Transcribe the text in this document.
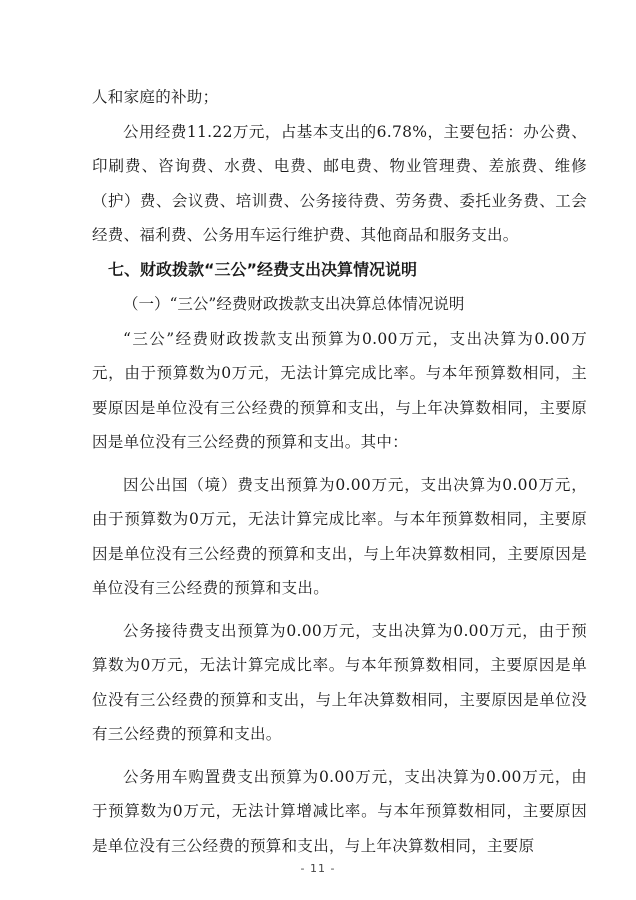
人和家庭的补助；

公用经费11.22万元，占基本支出的6.78%，主要包括：办公费、印刷费、咨询费、水费、电费、邮电费、物业管理费、差旅费、维修（护）费、会议费、培训费、公务接待费、劳务费、委托业务费、工会经费、福利费、公务用车运行维护费、其他商品和服务支出。

七、财政拨款“三公”经费支出决算情况说明

（一）“三公”经费财政拨款支出决算总体情况说明

“三公”经费财政拨款支出预算为0.00万元，支出决算为0.00万元，由于预算数为0万元，无法计算完成比率。与本年预算数相同，主要原因是单位没有三公经费的预算和支出，与上年决算数相同，主要原因是单位没有三公经费的预算和支出。其中：

因公出国（境）费支出预算为0.00万元，支出决算为0.00万元，由于预算数为0万元，无法计算完成比率。与本年预算数相同，主要原因是单位没有三公经费的预算和支出，与上年决算数相同，主要原因是单位没有三公经费的预算和支出。

公务接待费支出预算为0.00万元，支出决算为0.00万元，由于预算数为0万元，无法计算完成比率。与本年预算数相同，主要原因是单位没有三公经费的预算和支出，与上年决算数相同，主要原因是单位没有三公经费的预算和支出。

公务用车购置费支出预算为0.00万元，支出决算为0.00万元，由于预算数为0万元，无法计算增减比率。与本年预算数相同，主要原因是单位没有三公经费的预算和支出，与上年决算数相同，主要原

- 11 -
